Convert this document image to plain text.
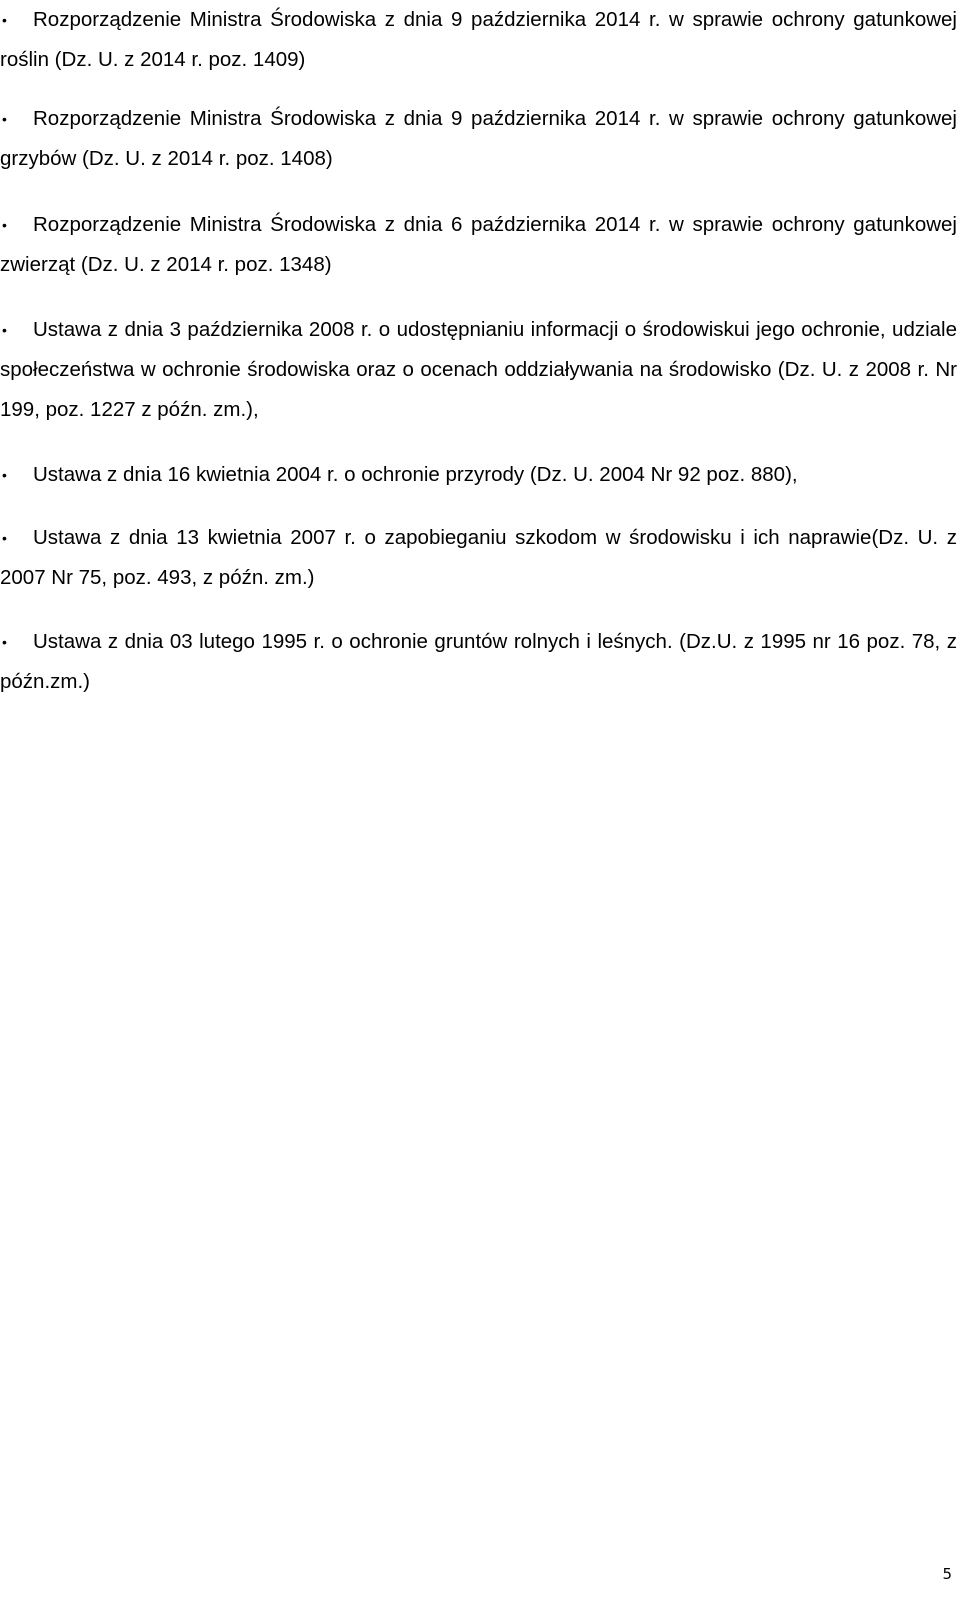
• Rozporządzenie Ministra Środowiska z dnia 9 października 2014 r. w sprawie ochrony gatunkowej roślin (Dz. U. z 2014 r. poz. 1409)
• Rozporządzenie Ministra Środowiska z dnia 9 października 2014 r. w sprawie ochrony gatunkowej grzybów (Dz. U. z 2014 r. poz. 1408)
• Rozporządzenie Ministra Środowiska z dnia 6 października 2014 r. w sprawie ochrony gatunkowej zwierząt (Dz. U. z 2014 r. poz. 1348)
• Ustawa z dnia 3 października 2008 r. o udostępnianiu informacji o środowiskui jego ochronie, udziale społeczeństwa w ochronie środowiska oraz o ocenach oddziaływania na środowisko (Dz. U. z 2008 r. Nr 199, poz. 1227 z późn. zm.),
• Ustawa z dnia 16 kwietnia 2004 r. o ochronie przyrody (Dz. U. 2004 Nr 92 poz. 880),
• Ustawa z dnia 13 kwietnia 2007 r. o zapobieganiu szkodom w środowisku i ich naprawie(Dz. U. z 2007 Nr 75, poz. 493, z późn. zm.)
• Ustawa z dnia 03 lutego 1995 r. o ochronie gruntów rolnych i leśnych. (Dz.U. z 1995 nr 16 poz. 78, z późn.zm.)
5
